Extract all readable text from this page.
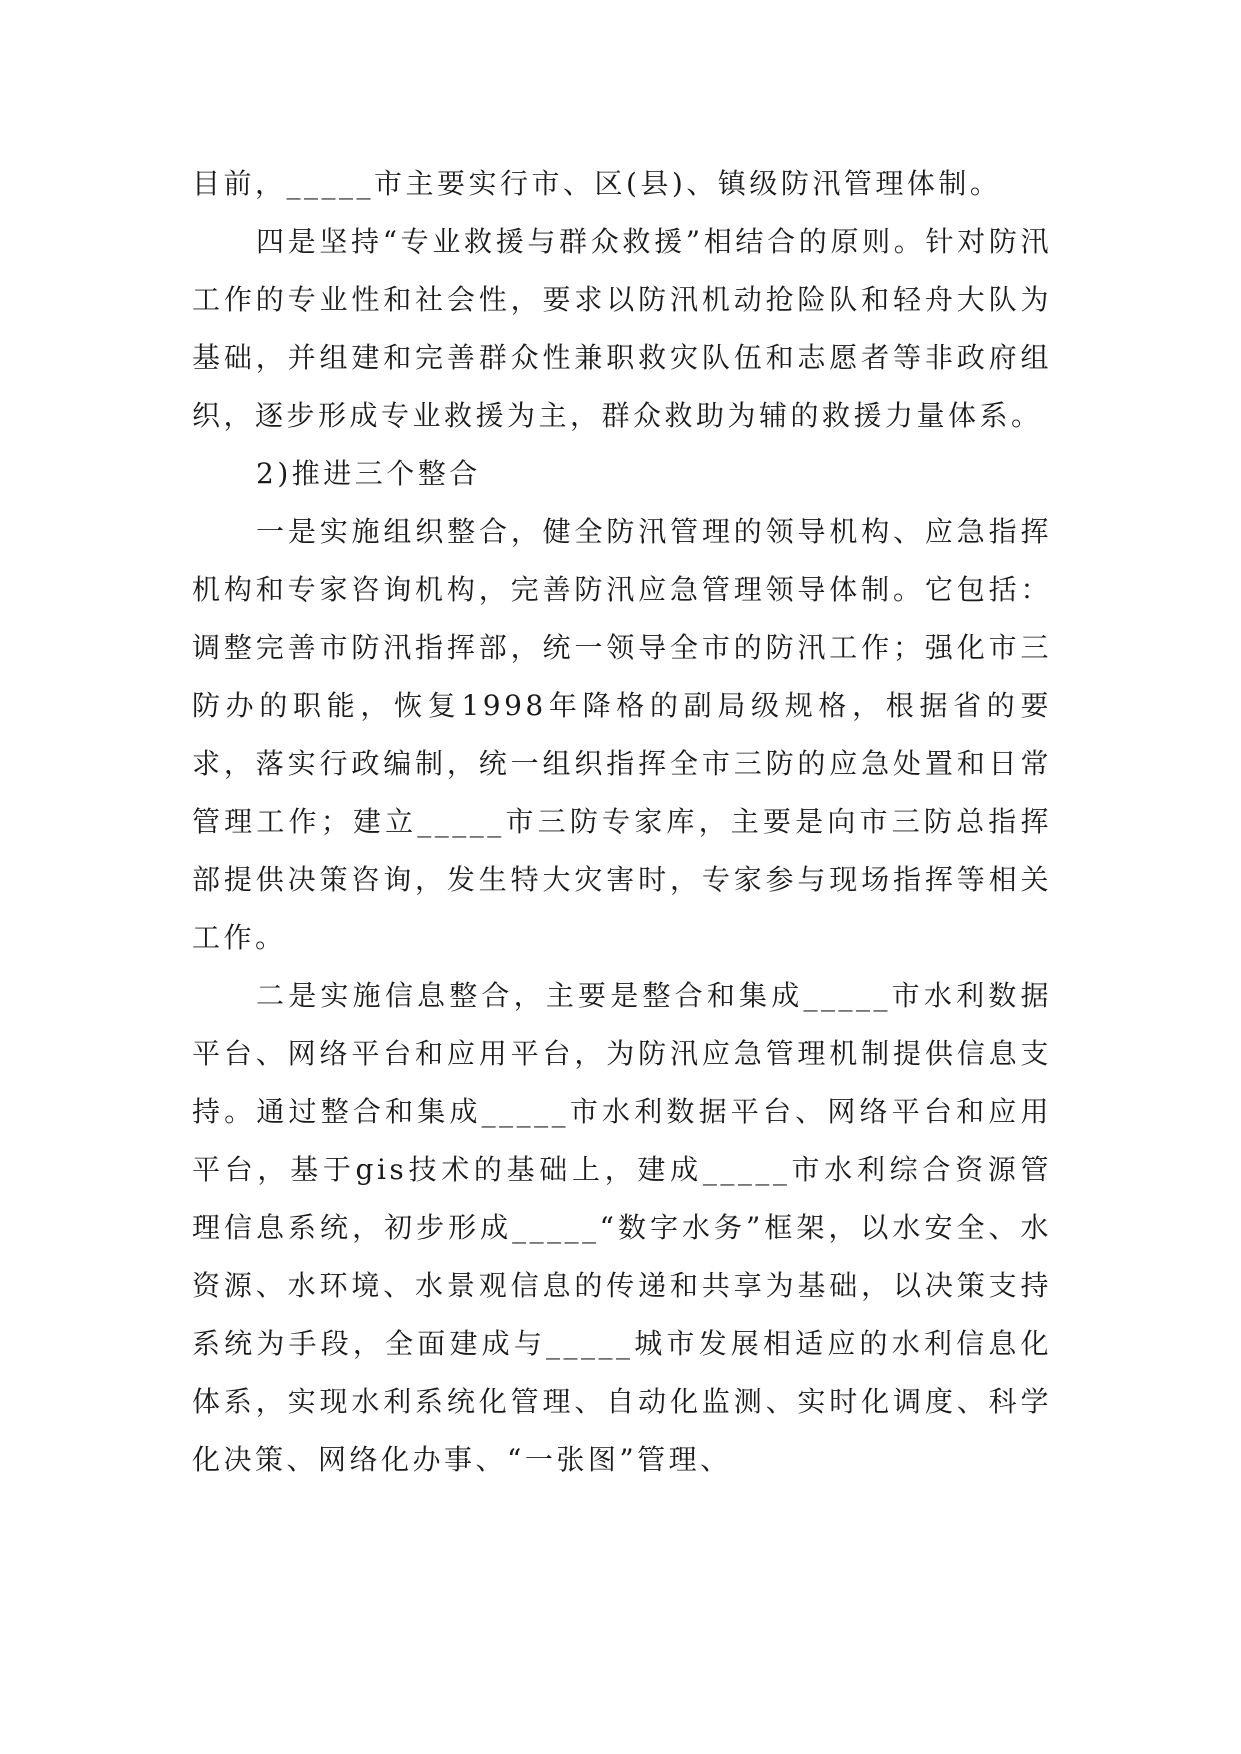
目前，_____市主要实行市、区(县)、镇级防汛管理体制。

四是坚持“专业救援与群众救援”相结合的原则。针对防汛工作的专业性和社会性，要求以防汛机动抢险队和轻舟大队为基础，并组建和完善群众性兼职救灾队伍和志愿者等非政府组织，逐步形成专业救援为主，群众救助为辅的救援力量体系。

2)推进三个整合

一是实施组织整合，健全防汛管理的领导机构、应急指挥机构和专家咨询机构，完善防汛应急管理领导体制。它包括：调整完善市防汛指挥部，统一领导全市的防汛工作；强化市三防办的职能，恢复1998年降格的副局级规格，根据省的要求，落实行政编制，统一组织指挥全市三防的应急处置和日常管理工作；建立_____市三防专家库，主要是向市三防总指挥部提供决策咨询，发生特大灾害时，专家参与现场指挥等相关工作。

二是实施信息整合，主要是整合和集成_____市水利数据平台、网络平台和应用平台，为防汛应急管理机制提供信息支持。通过整合和集成_____市水利数据平台、网络平台和应用平台，基于gis技术的基础上，建成_____市水利综合资源管理信息系统，初步形成_____“数字水务”框架，以水安全、水资源、水环境、水景观信息的传递和共享为基础，以决策支持系统为手段，全面建成与_____城市发展相适应的水利信息化体系，实现水利系统化管理、自动化监测、实时化调度、科学化决策、网络化办事、“一张图”管理、
